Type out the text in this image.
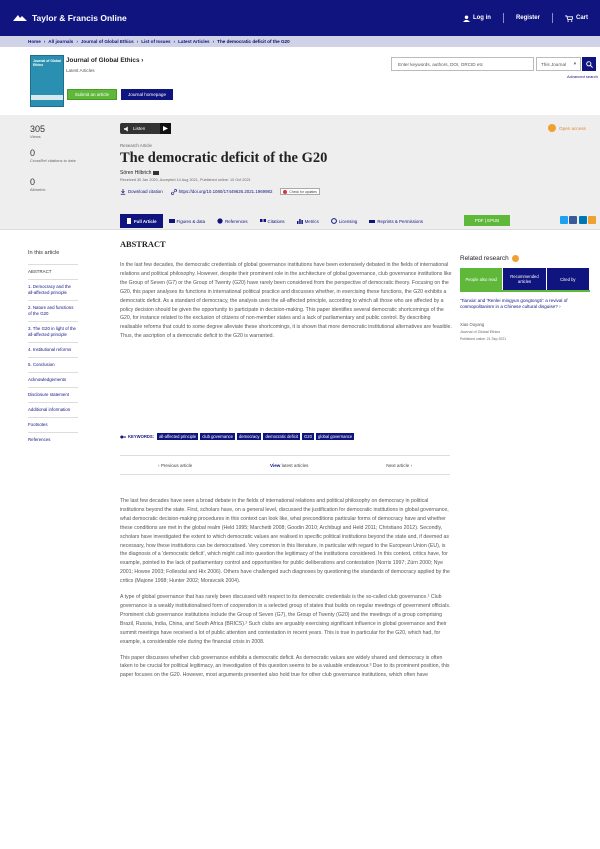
Taylor & Francis Online	Log in	Register	Cart
Home › All journals › Journal of Global Ethics › List of Issues › Latest Articles › The democratic deficit of the G20
Journal of Global Ethics
Journal of Global Ethics ›
Latest Articles
Submit an article	Journal homepage
Enter keywords, authors, DOI, ORCID etc	This Journal ▾
Advanced search
305
Views
0
CrossRef citations to date
0
Altmetric
Listen
Research Article
The democratic deficit of the G20
Sören Hilbrich
Received 30 Jan 2020, Accepted 14 Aug 2021, Published online: 10 Oct 2021
Download citation	https://doi.org/10.1080/17449626.2021.1969982	Check for updates
Open access
Full Article	Figures & data	References	Citations	Metrics	Licensing	Reprints & Permissions	PDF | EPUB
In this article
ABSTRACT
1. Democracy and the all-affected principle
2. Nature and functions of the G20
3. The G20 in light of the all-affected principle
4. Institutional reforms
5. Conclusion
Acknowledgements
Disclosure statement
Additional information
Footnotes
References
ABSTRACT
In the last few decades, the democratic credentials of global governance institutions have been extensively debated in the fields of international relations and political philosophy. However, despite their prominent role in the architecture of global governance, club governance institutions like the Group of Seven (G7) or the Group of Twenty (G20) have rarely been considered from the perspective of democratic theory. Focusing on the G20, this paper analyses its functions in international political practice and discusses whether, in exercising these functions, the G20 exhibits a democratic deficit. As a standard of democracy, the analysis uses the all-affected principle, according to which all those who are affected by a policy decision should be given the opportunity to participate in decision-making. This paper identifies several democratic shortcomings of the G20, for instance related to the exclusion of citizens of non-member states and a lack of parliamentary and public control. By describing realisable reforms that could to some degree alleviate these shortcomings, it is shown that more democratic institutional alternatives are feasible. Thus, the ascription of a democratic deficit to the G20 is warranted.
KEYWORDS:	all-affected principle	club governance	democracy	democratic deficit	G20	global governance
‹ Previous article	View latest articles	Next article ›

The last few decades have seen a broad debate in the fields of international relations and political philosophy on democracy in political institutions beyond the state. First, scholars have, on a general level, discussed the justification for democratic institutions in global governance, what democratic decision-making procedures in this context can look like, what preconditions particular forms of democracy have and whether these conditions are met in the global realm (Held 1995; Marchetti 2008; Goodin 2010; Archibugi and Held 2011; Christiano 2012). Secondly, scholars have investigated the extent to which democratic values are realised in specific political institutions beyond the state and, if deemed as necessary, how these institutions can be democratised. Very common in this literature, in particular with regard to the European Union (EU), is the diagnosis of a 'democratic deficit', which might call into question the legitimacy of the institutions considered. In this context, critics have, for example, pointed to the lack of parliamentary control and opportunities for public deliberations and contestation (Norris 1997; Zürn 2000; Nye 2001; Howse 2003; Follesdal and Hix 2006). Others have challenged such diagnoses by questioning the standards of democracy applied by the critics (Majone 1998; Hunter 2002; Moravcsik 2004).

A type of global governance that has rarely been discussed with respect to its democratic credentials is the so-called club governance.¹ Club governance is a weakly institutionalised form of cooperation in a selected group of states that builds on regular meetings of government officials. Prominent club governance institutions include the Group of Seven (G7), the Group of Twenty (G20) and the meetings of a group comprising Brazil, Russia, India, China, and South Africa (BRICS).² Such clubs are arguably exercising significant influence in global governance and their summit meetings have received a lot of public attention and contestation in recent years. This is true in particular for the G20, which had, for example, a considerable role during the financial crisis in 2008.

This paper discusses whether club governance exhibits a democratic deficit. As democratic values are widely shared and democracy is often taken to be crucial for political legitimacy, an investigation of this question seems to be a valuable endeavour.³ Due to its prominent position, this paper focuses on the G20. However, most arguments presented also hold true for other club governance institutions, which often have

Related research
People also read	Recommended articles	Cited by
'Tianxia' and 'Renlei mingyun gongtongti': a revival of cosmopolitanism in a Chinese cultural disguise? ›
Xiao Ouyang
Journal of Global Ethics
Published online: 21 Sep 2021
